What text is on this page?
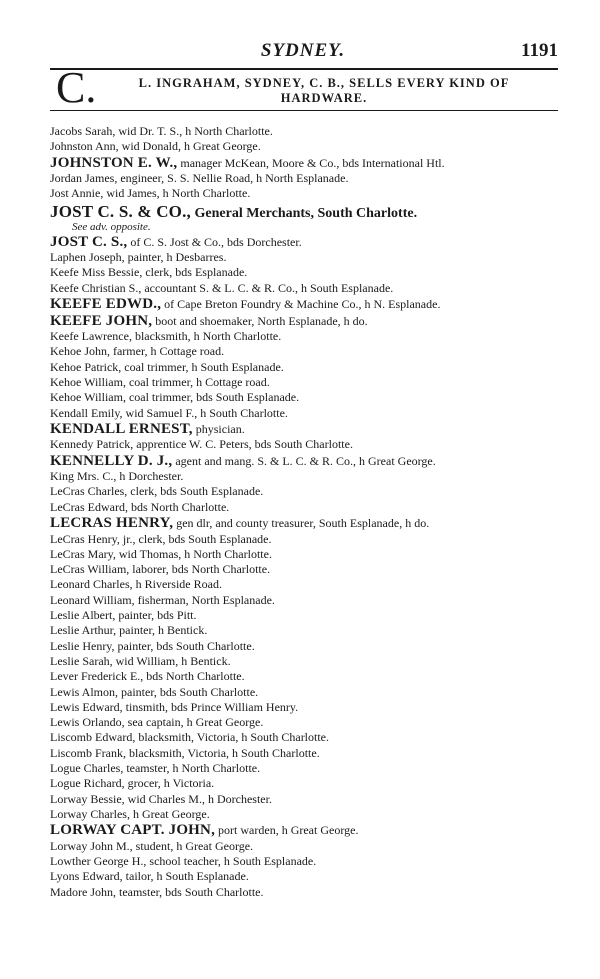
SYDNEY.	1191
C.	L. INGRAHAM, SYDNEY, C. B., SELLS EVERY KIND OF
HARDWARE.
Jacobs Sarah, wid Dr. T. S., h North Charlotte.
Johnston Ann, wid Donald, h Great George.
JOHNSTON E. W., manager McKean, Moore & Co., bds International Htl.
Jordan James, engineer, S. S. Nellie Road, h North Esplanade.
Jost Annie, wid James, h North Charlotte.
JOST C. S. & CO., General Merchants, South Charlotte.
See adv. opposite.
JOST C. S., of C. S. Jost & Co., bds Dorchester.
Laphen Joseph, painter, h Desbarres.
Keefe Miss Bessie, clerk, bds Esplanade.
Keefe Christian S., accountant S. & L. C. & R. Co., h South Esplanade.
KEEFE EDWD., of Cape Breton Foundry & Machine Co., h N. Esplanade.
KEEFE JOHN, boot and shoemaker, North Esplanade, h do.
Keefe Lawrence, blacksmith, h North Charlotte.
Kehoe John, farmer, h Cottage road.
Kehoe Patrick, coal trimmer, h South Esplanade.
Kehoe William, coal trimmer, h Cottage road.
Kehoe William, coal trimmer, bds South Esplanade.
Kendall Emily, wid Samuel F., h South Charlotte.
KENDALL ERNEST, physician.
Kennedy Patrick, apprentice W. C. Peters, bds South Charlotte.
KENNELLY D. J., agent and mang. S. & L. C. & R. Co., h Great George.
King Mrs. C., h Dorchester.
LeCras Charles, clerk, bds South Esplanade.
LeCras Edward, bds North Charlotte.
LECRAS HENRY, gen dlr, and county treasurer, South Esplanade, h do.
LeCras Henry, jr., clerk, bds South Esplanade.
LeCras Mary, wid Thomas, h North Charlotte.
LeCras William, laborer, bds North Charlotte.
Leonard Charles, h Riverside Road.
Leonard William, fisherman, North Esplanade.
Leslie Albert, painter, bds Pitt.
Leslie Arthur, painter, h Bentick.
Leslie Henry, painter, bds South Charlotte.
Leslie Sarah, wid William, h Bentick.
Lever Frederick E., bds North Charlotte.
Lewis Almon, painter, bds South Charlotte.
Lewis Edward, tinsmith, bds Prince William Henry.
Lewis Orlando, sea captain, h Great George.
Liscomb Edward, blacksmith, Victoria, h South Charlotte.
Liscomb Frank, blacksmith, Victoria, h South Charlotte.
Logue Charles, teamster, h North Charlotte.
Logue Richard, grocer, h Victoria.
Lorway Bessie, wid Charles M., h Dorchester.
Lorway Charles, h Great George.
LORWAY CAPT. JOHN, port warden, h Great George.
Lorway John M., student, h Great George.
Lowther George H., school teacher, h South Esplanade.
Lyons Edward, tailor, h South Esplanade.
Madore John, teamster, bds South Charlotte.
